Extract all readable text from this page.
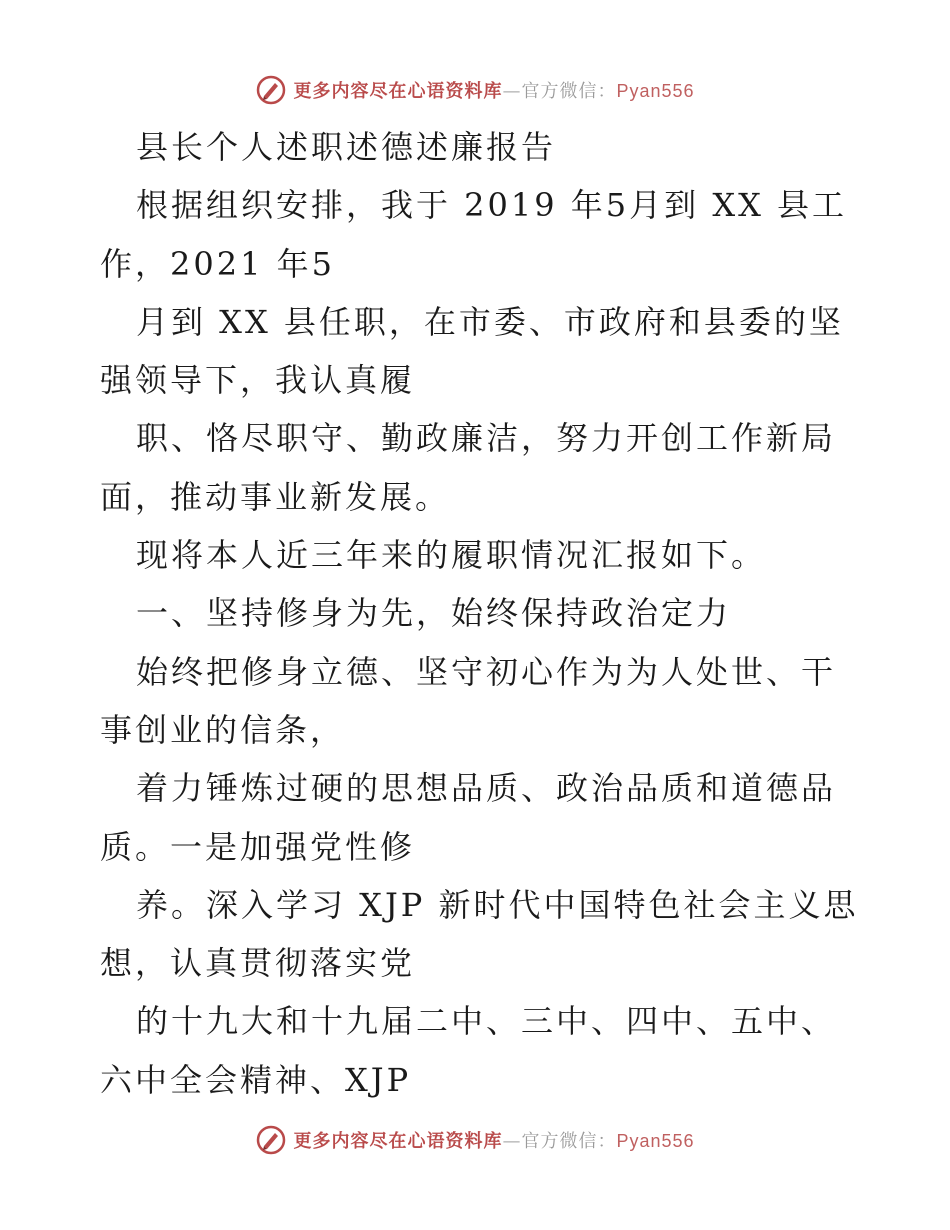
更多内容尽在心语资料库—官方微信：Pyan556

县长个人述职述德述廉报告

根据组织安排，我于 2019 年5月到 XX 县工作，2021 年5

月到 XX 县任职，在市委、市政府和县委的坚强领导下，我认真履

职、恪尽职守、勤政廉洁，努力开创工作新局面，推动事业新发展。

现将本人近三年来的履职情况汇报如下。

一、坚持修身为先，始终保持政治定力

始终把修身立德、坚守初心作为为人处世、干事创业的信条，

着力锤炼过硬的思想品质、政治品质和道德品质。一是加强党性修

养。深入学习 XJP 新时代中国特色社会主义思想，认真贯彻落实党

的十九大和十九届二中、三中、四中、五中、六中全会精神、XJP

更多内容尽在心语资料库—官方微信：Pyan556
